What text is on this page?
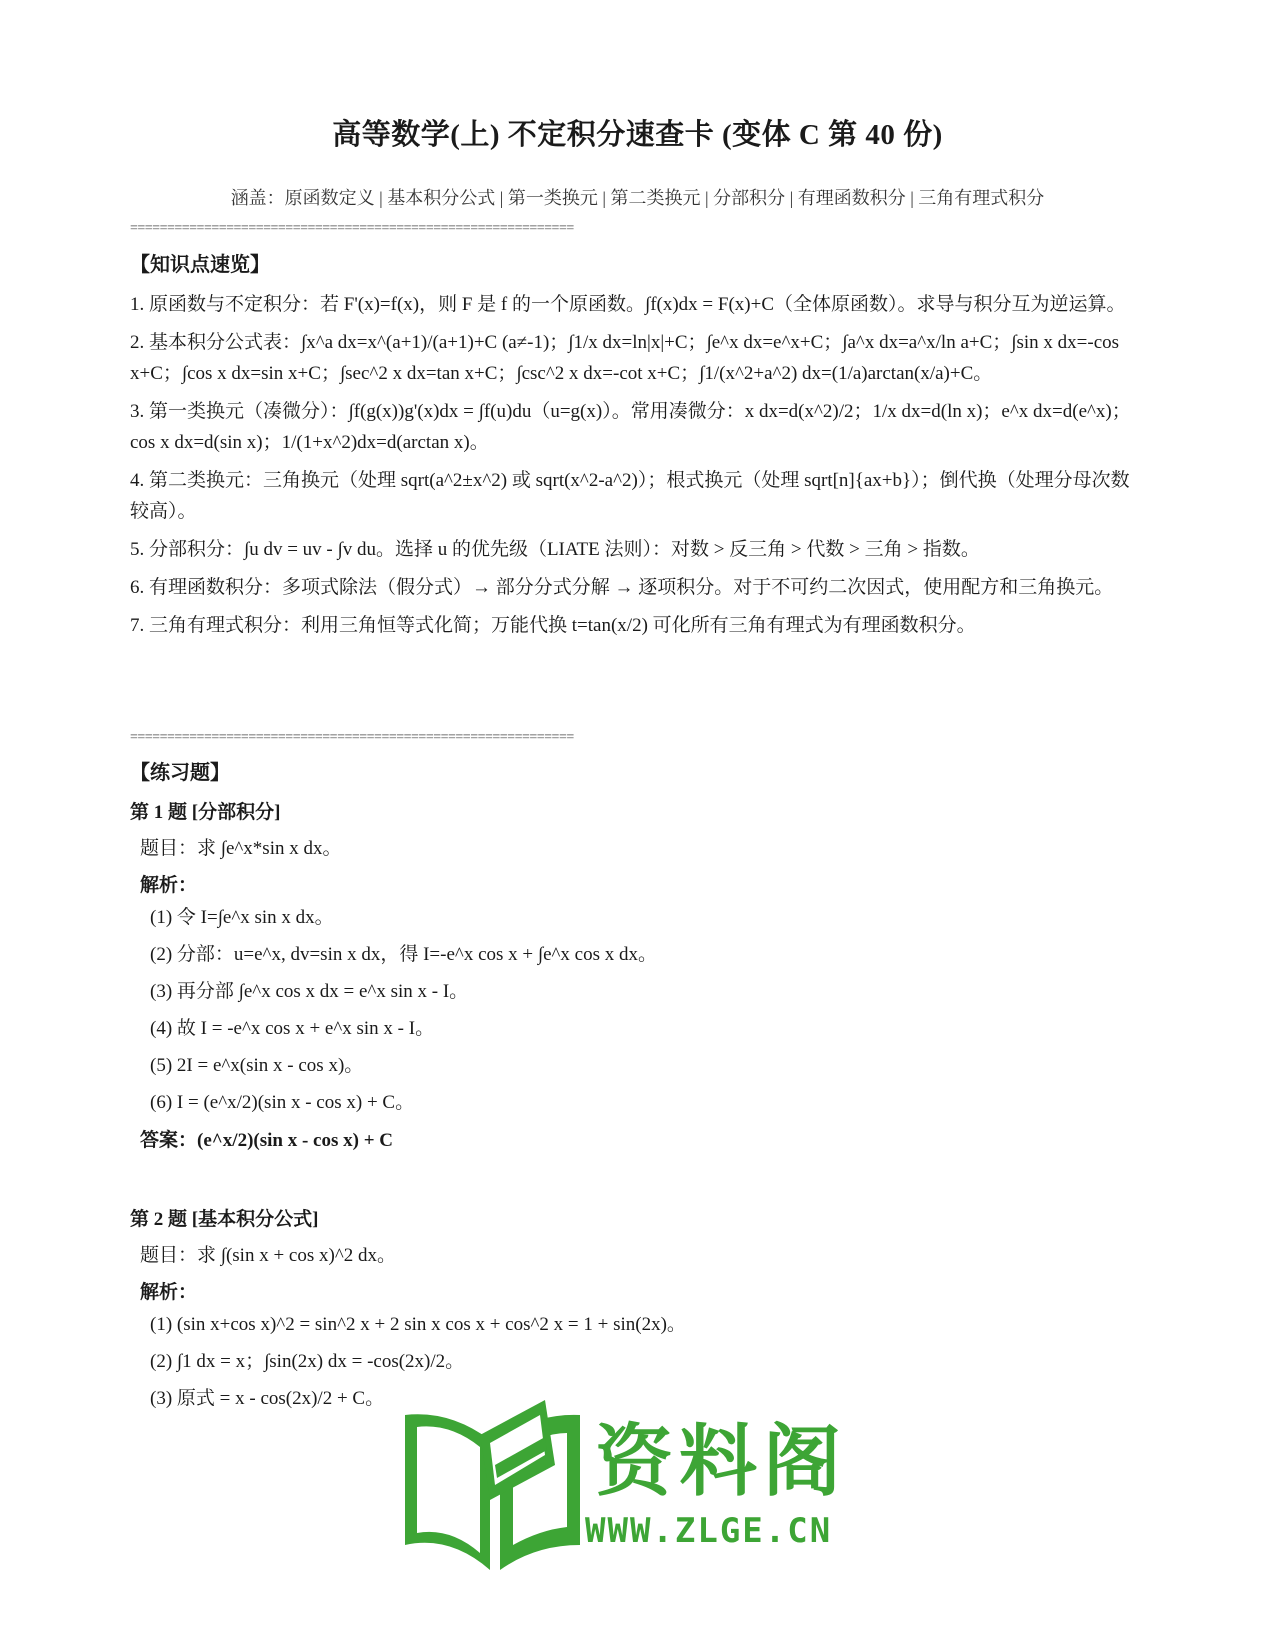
高等数学(上) 不定积分速查卡 (变体 C 第 40 份)
涵盖：原函数定义 | 基本积分公式 | 第一类换元 | 第二类换元 | 分部积分 | 有理函数积分 | 三角有理式积分
============================================================
【知识点速览】

1. 原函数与不定积分：若 F'(x)=f(x)，则 F 是 f 的一个原函数。∫f(x)dx = F(x)+C（全体原函数）。求导与积分互为逆运算。

2. 基本积分公式表：∫x^a dx=x^(a+1)/(a+1)+C (a≠-1)；∫1/x dx=ln|x|+C；∫e^x dx=e^x+C；∫a^x dx=a^x/ln a+C；∫sin x dx=-cos x+C；∫cos x dx=sin x+C；∫sec^2 x dx=tan x+C；∫csc^2 x dx=-cot x+C；∫1/(x^2+a^2) dx=(1/a)arctan(x/a)+C。

3. 第一类换元（凑微分）：∫f(g(x))g'(x)dx = ∫f(u)du（u=g(x)）。常用凑微分：x dx=d(x^2)/2；1/x dx=d(ln x)；e^x dx=d(e^x)；cos x dx=d(sin x)；1/(1+x^2)dx=d(arctan x)。

4. 第二类换元：三角换元（处理 sqrt(a^2±x^2) 或 sqrt(x^2-a^2)）；根式换元（处理 sqrt[n]{ax+b}）；倒代换（处理分母次数较高）。

5. 分部积分：∫u dv = uv - ∫v du。选择 u 的优先级（LIATE 法则）：对数 > 反三角 > 代数 > 三角 > 指数。

6. 有理函数积分：多项式除法（假分式）→ 部分分式分解 → 逐项积分。对于不可约二次因式，使用配方和三角换元。

7. 三角有理式积分：利用三角恒等式化简；万能代换 t=tan(x/2) 可化所有三角有理式为有理函数积分。

============================================================
【练习题】
第 1 题 [分部积分]
题目：求 ∫e^x*sin x dx。
解析：
(1) 令 I=∫e^x sin x dx。
(2) 分部：u=e^x, dv=sin x dx，得 I=-e^x cos x + ∫e^x cos x dx。
(3) 再分部 ∫e^x cos x dx = e^x sin x - I。
(4) 故 I = -e^x cos x + e^x sin x - I。
(5) 2I = e^x(sin x - cos x)。
(6) I = (e^x/2)(sin x - cos x) + C。
答案：(e^x/2)(sin x - cos x) + C
第 2 题 [基本积分公式]
题目：求 ∫(sin x + cos x)^2 dx。
解析：
(1) (sin x+cos x)^2 = sin^2 x + 2 sin x cos x + cos^2 x = 1 + sin(2x)。
(2) ∫1 dx = x；∫sin(2x) dx = -cos(2x)/2。
(3) 原式 = x - cos(2x)/2 + C。
资料阁
WWW.ZLGE.CN
